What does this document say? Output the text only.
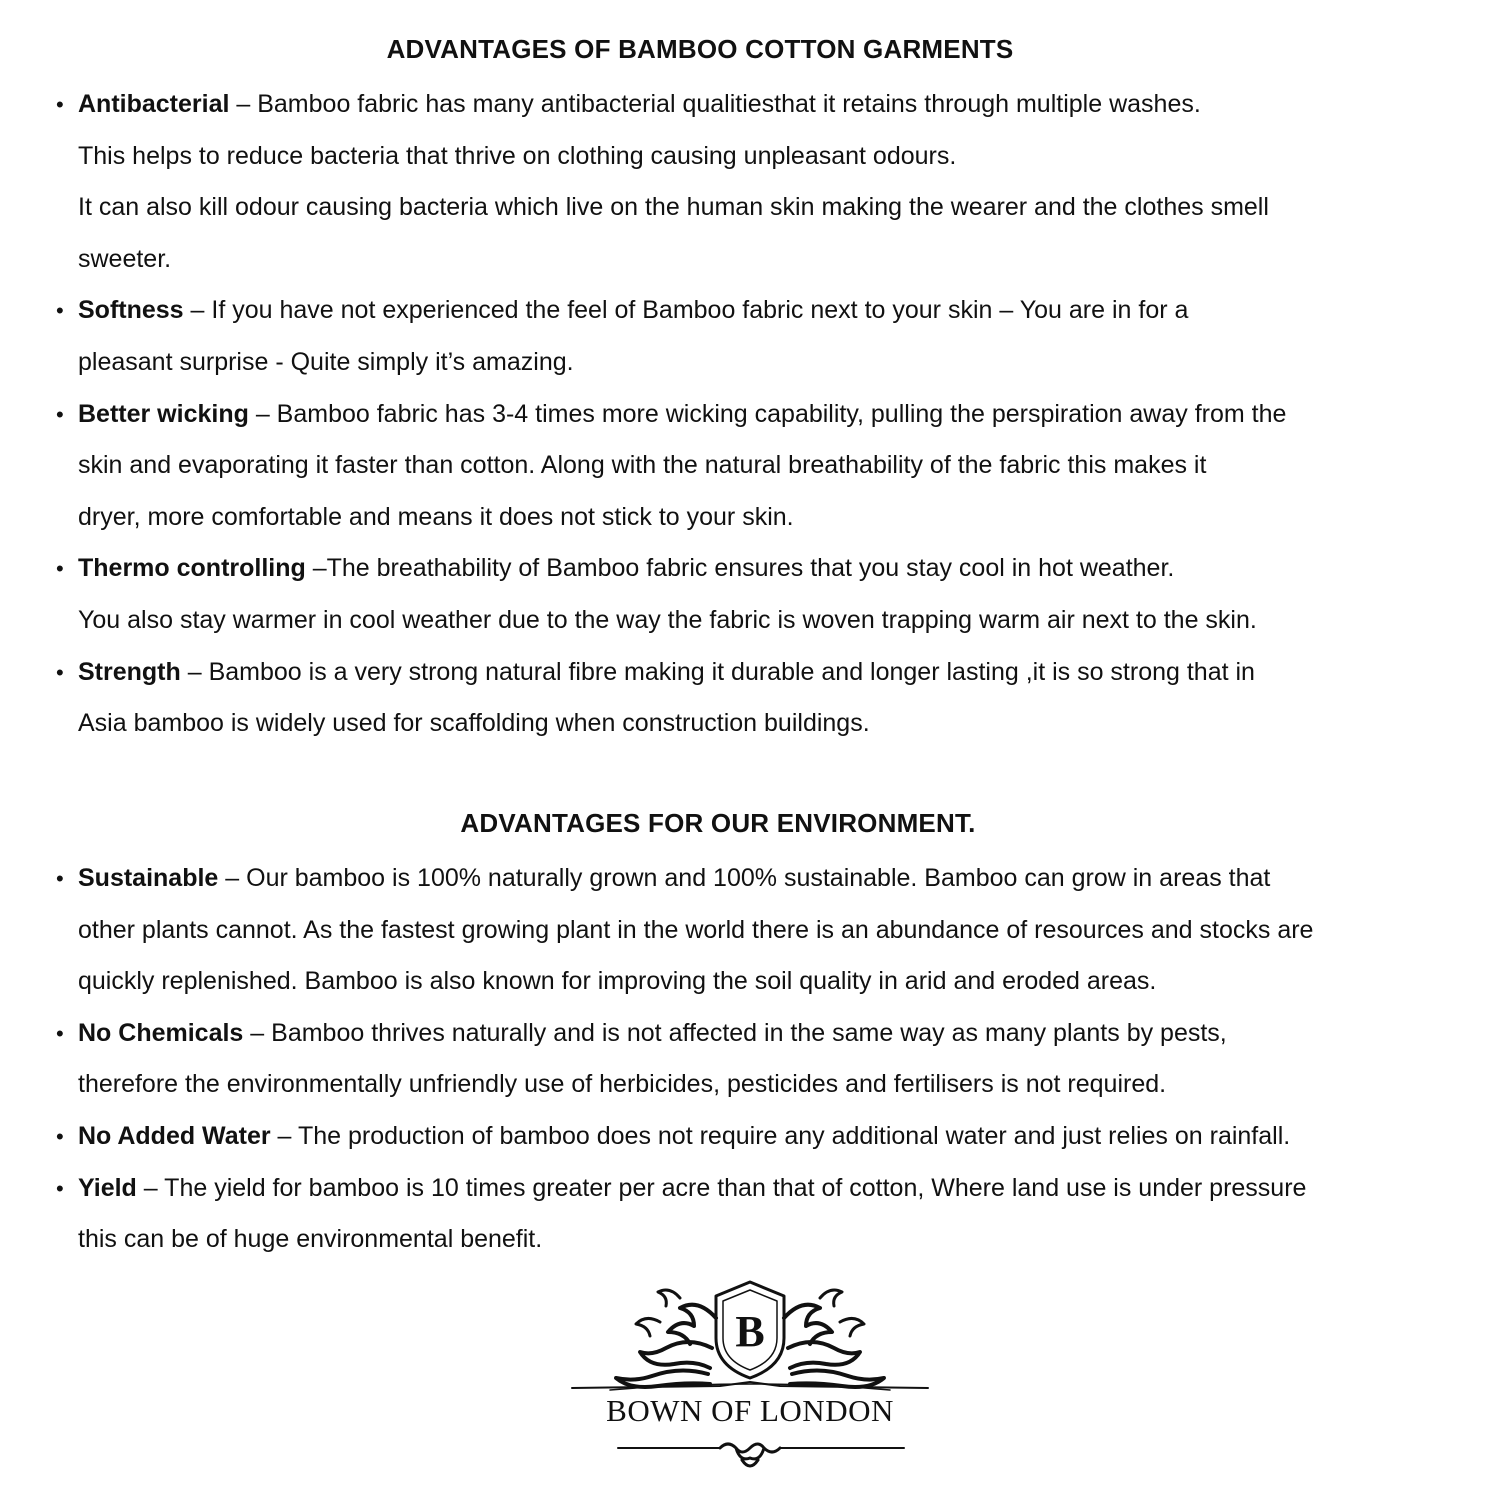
ADVANTAGES OF BAMBOO COTTON GARMENTS
• Antibacterial – Bamboo fabric has many antibacterial qualitiesthat it retains through multiple washes.
This helps to reduce bacteria that thrive on clothing causing unpleasant odours.
It can also kill odour causing bacteria which live on the human skin making the wearer and the clothes smell
sweeter.
• Softness – If you have not experienced the feel of Bamboo fabric next to your skin – You are in for a
pleasant surprise - Quite simply it’s amazing.
• Better wicking – Bamboo fabric has 3-4 times more wicking capability, pulling the perspiration away from the
skin and evaporating it faster than cotton. Along with the natural breathability of the fabric this makes it
dryer, more comfortable and means it does not stick to your skin.
• Thermo controlling –The breathability of Bamboo fabric ensures that you stay cool in hot weather.
You also stay warmer in cool weather due to the way the fabric is woven trapping warm air next to the skin.
• Strength – Bamboo is a very strong natural fibre making it durable and longer lasting ,it is so strong that in
Asia bamboo is widely used for scaffolding when construction buildings.
ADVANTAGES FOR OUR ENVIRONMENT.
• Sustainable – Our bamboo is 100% naturally grown and 100% sustainable. Bamboo can grow in areas that
other plants cannot. As the fastest growing plant in the world there is an abundance of resources and stocks are
quickly replenished. Bamboo is also known for improving the soil quality in arid and eroded areas.
• No Chemicals – Bamboo thrives naturally and is not affected in the same way as many plants by pests,
therefore the environmentally unfriendly use of herbicides, pesticides and fertilisers is not required.
• No Added Water – The production of bamboo does not require any additional water and just relies on rainfall.
• Yield – The yield for bamboo is 10 times greater per acre than that of cotton, Where land use is under pressure
this can be of huge environmental benefit.
B
BOWN OF LONDON
